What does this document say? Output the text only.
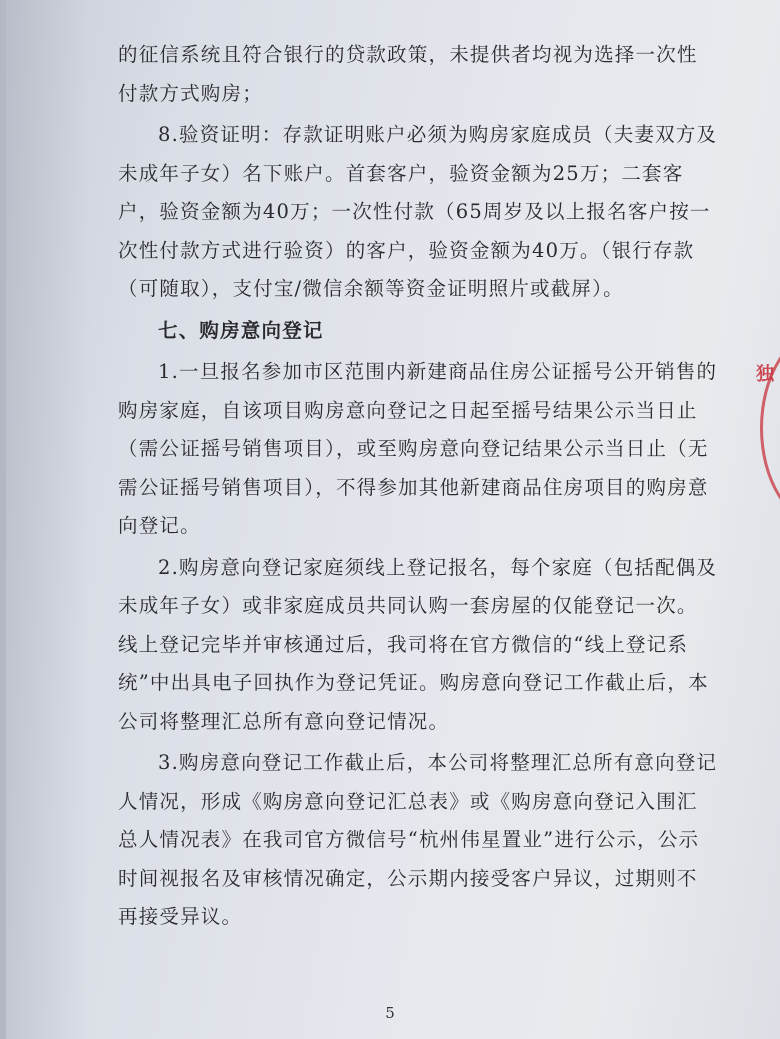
的征信系统且符合银行的贷款政策，未提供者均视为选择一次性付款方式购房；

8.验资证明：存款证明账户必须为购房家庭成员（夫妻双方及未成年子女）名下账户。首套客户，验资金额为25万；二套客户，验资金额为40万；一次性付款（65周岁及以上报名客户按一次性付款方式进行验资）的客户，验资金额为40万。（银行存款（可随取），支付宝/微信余额等资金证明照片或截屏）。

七、购房意向登记

1.一旦报名参加市区范围内新建商品住房公证摇号公开销售的购房家庭，自该项目购房意向登记之日起至摇号结果公示当日止（需公证摇号销售项目），或至购房意向登记结果公示当日止（无需公证摇号销售项目），不得参加其他新建商品住房项目的购房意向登记。

2.购房意向登记家庭须线上登记报名，每个家庭（包括配偶及未成年子女）或非家庭成员共同认购一套房屋的仅能登记一次。线上登记完毕并审核通过后，我司将在官方微信的“线上登记系统”中出具电子回执作为登记凭证。购房意向登记工作截止后，本公司将整理汇总所有意向登记情况。

3.购房意向登记工作截止后，本公司将整理汇总所有意向登记人情况，形成《购房意向登记汇总表》或《购房意向登记入围汇总人情况表》在我司官方微信号“杭州伟星置业”进行公示，公示时间视报名及审核情况确定，公示期内接受客户异议，过期则不再接受异议。

独
5
